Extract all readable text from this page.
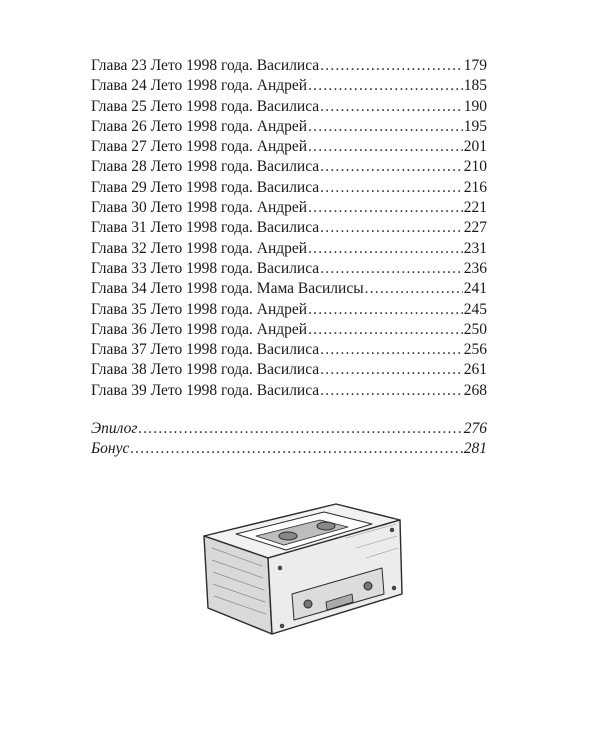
Глава 23 Лето 1998 года. Василиса .....	179
Глава 24 Лето 1998 года. Андрей .....	185
Глава 25 Лето 1998 года. Василиса .....	190
Глава 26 Лето 1998 года. Андрей .....	195
Глава 27 Лето 1998 года. Андрей .....	201
Глава 28 Лето 1998 года. Василиса .....	210
Глава 29 Лето 1998 года. Василиса .....	216
Глава 30 Лето 1998 года. Андрей .....	221
Глава 31 Лето 1998 года. Василиса .....	227
Глава 32 Лето 1998 года. Андрей .....	231
Глава 33 Лето 1998 года. Василиса .....	236
Глава 34 Лето 1998 года. Мама Василисы .....	241
Глава 35 Лето 1998 года. Андрей .....	245
Глава 36 Лето 1998 года. Андрей .....	250
Глава 37 Лето 1998 года. Василиса .....	256
Глава 38 Лето 1998 года. Василиса .....	261
Глава 39 Лето 1998 года. Василиса .....	268
Эпилог .....	276
Бонус .....	281
